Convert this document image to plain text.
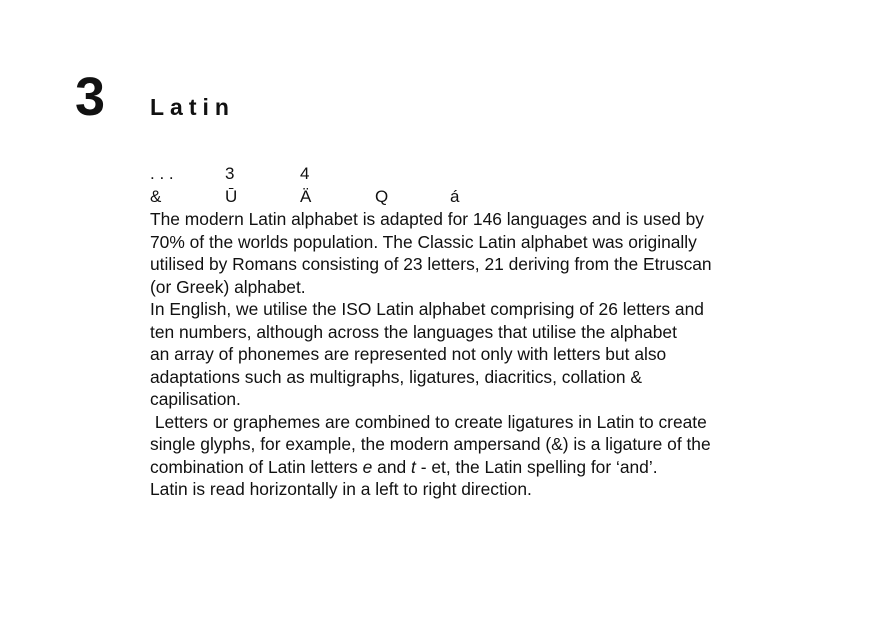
3 Latin
. . .	3	4
&	Ū	Ä	Q	á
The modern Latin alphabet is adapted for 146 languages and is used by
70% of the worlds population. The Classic Latin alphabet was originally
utilised by Romans consisting of 23 letters, 21 deriving from the Etruscan
(or Greek) alphabet.
In English, we utilise the ISO Latin alphabet comprising of 26 letters and
ten numbers, although across the languages that utilise the alphabet
an array of phonemes are represented not only with letters but also
adaptations such as multigraphs, ligatures, diacritics, collation &
capilisation.
Letters or graphemes are combined to create ligatures in Latin to create
single glyphs, for example, the modern ampersand (&) is a ligature of the
combination of Latin letters e and t - et, the Latin spelling for ‘and’.
Latin is read horizontally in a left to right direction.
